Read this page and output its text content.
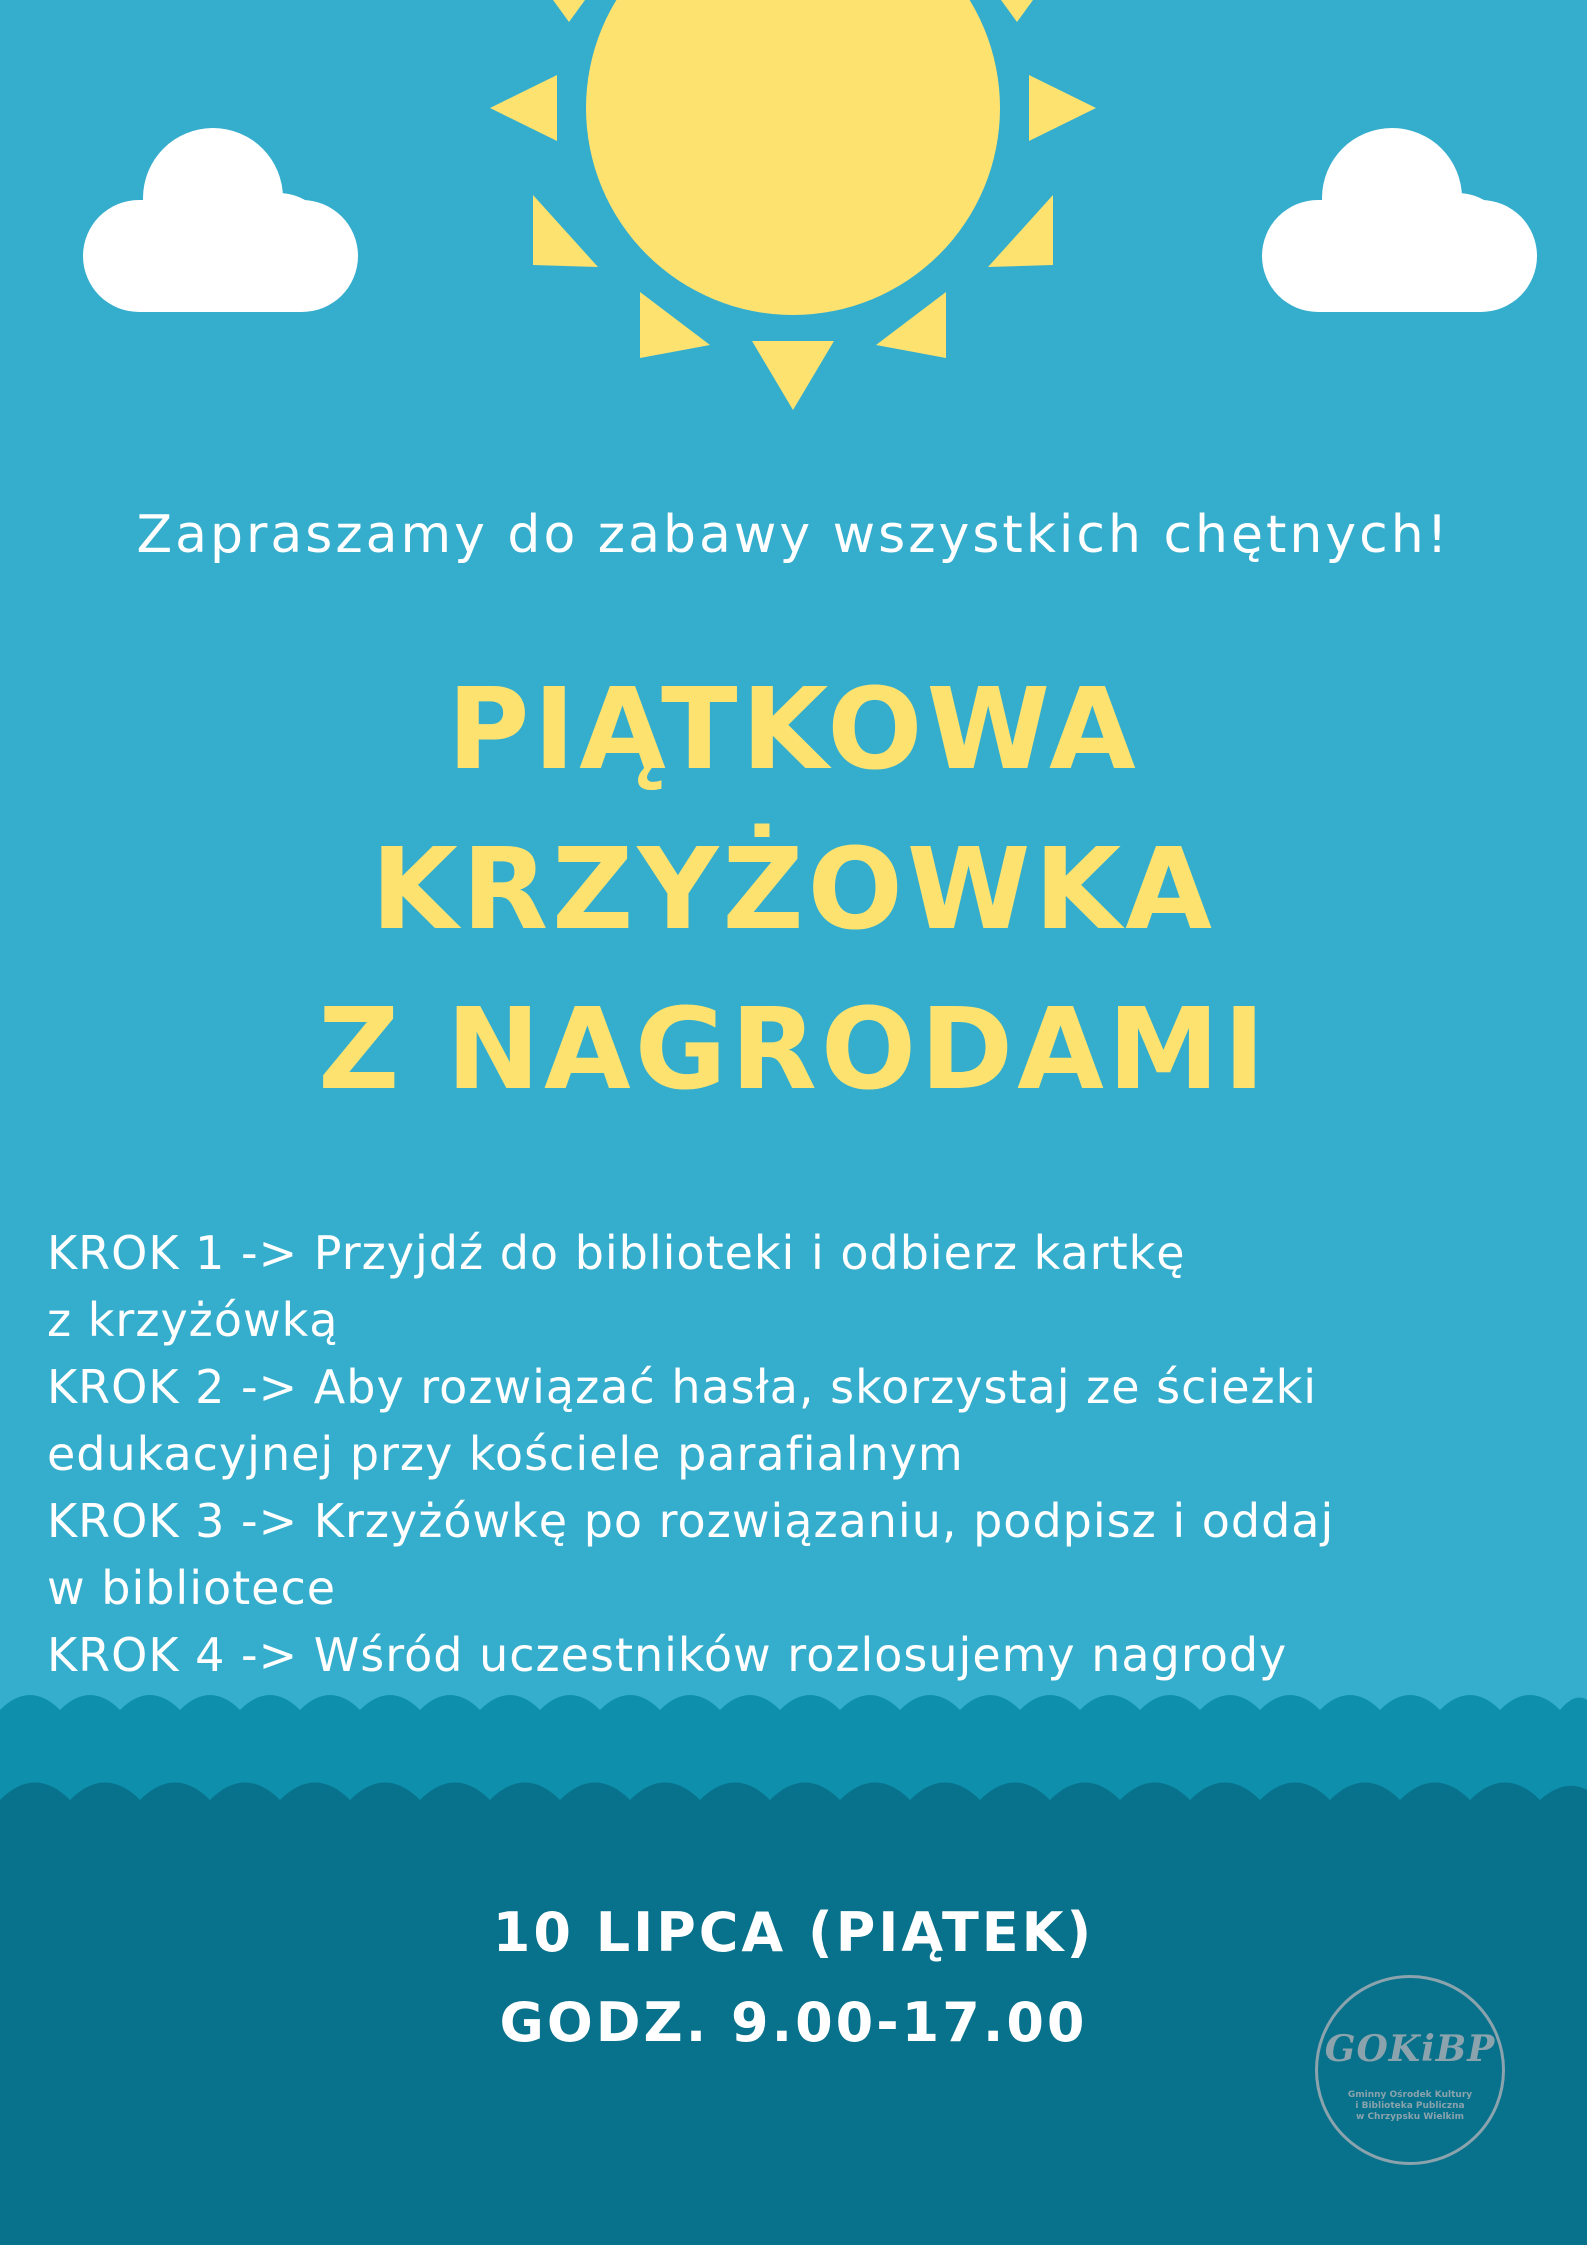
Zapraszamy do zabawy wszystkich chętnych!
PIĄTKOWA
KRZYŻOWKA
Z NAGRODAMI

KROK 1 -> Przyjdź do biblioteki i odbierz kartkę

z krzyżówką

KROK 2 -> Aby rozwiązać hasła, skorzystaj ze ścieżki

edukacyjnej przy kościele parafialnym

KROK 3 -> Krzyżówkę po rozwiązaniu, podpisz i oddaj

w bibliotece

KROK 4 -> Wśród uczestników rozlosujemy nagrody

10 LIPCA (PIĄTEK)
GODZ. 9.00-17.00	GOKiBP
Gminny Ośrodek Kultury
i Biblioteka Publiczna
w Chrzypsku Wielkim
